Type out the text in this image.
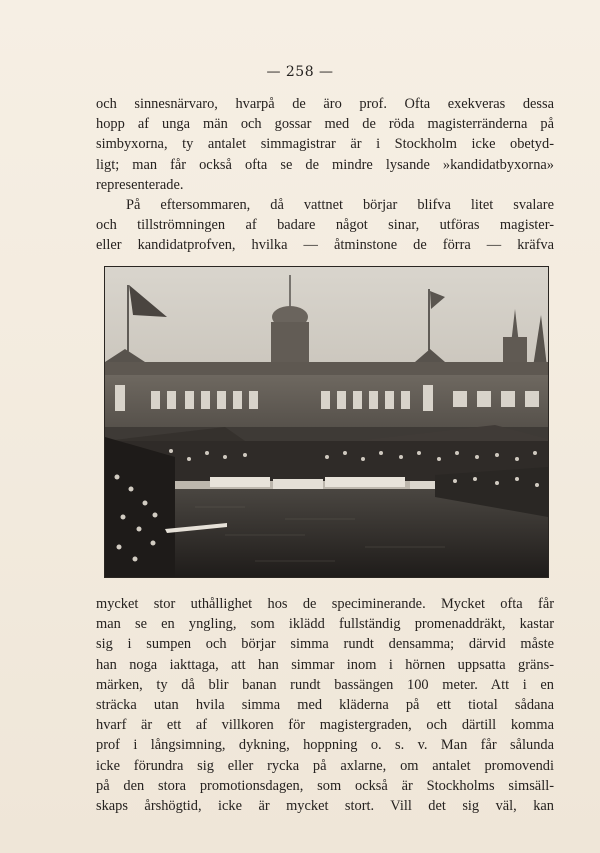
— 258 —
och sinnesnärvaro, hvarpå de äro prof. Ofta exekveras dessa
hopp af unga män och gossar med de röda magisterränderna på
simbyxorna, ty antalet simmagistrar är i Stockholm icke obetyd-
ligt; man får också ofta se de mindre lysande »kandidatbyxorna»
representerade.
På eftersommaren, då vattnet börjar blifva litet svalare
och tillströmningen af badare något sinar, utföras magister-
eller kandidatprofven, hvilka — åtminstone de förra — kräfva
mycket stor uthållighet hos de speciminerande. Mycket ofta får
man se en yngling, som iklädd fullständig promenaddräkt, kastar
sig i sumpen och börjar simma rundt densamma; därvid måste
han noga iakttaga, att han simmar inom i hörnen uppsatta gräns-
märken, ty då blir banan rundt bassängen 100 meter. Att i en
sträcka utan hvila simma med kläderna på ett tiotal sådana
hvarf är ett af villkoren för magistergraden, och därtill komma
prof i långsimning, dykning, hoppning o. s. v. Man får sålunda
icke förundra sig eller rycka på axlarne, om antalet promovendi
på den stora promotionsdagen, som också är Stockholms simsäll-
skaps årshögtid, icke är mycket stort. Vill det sig väl, kan
